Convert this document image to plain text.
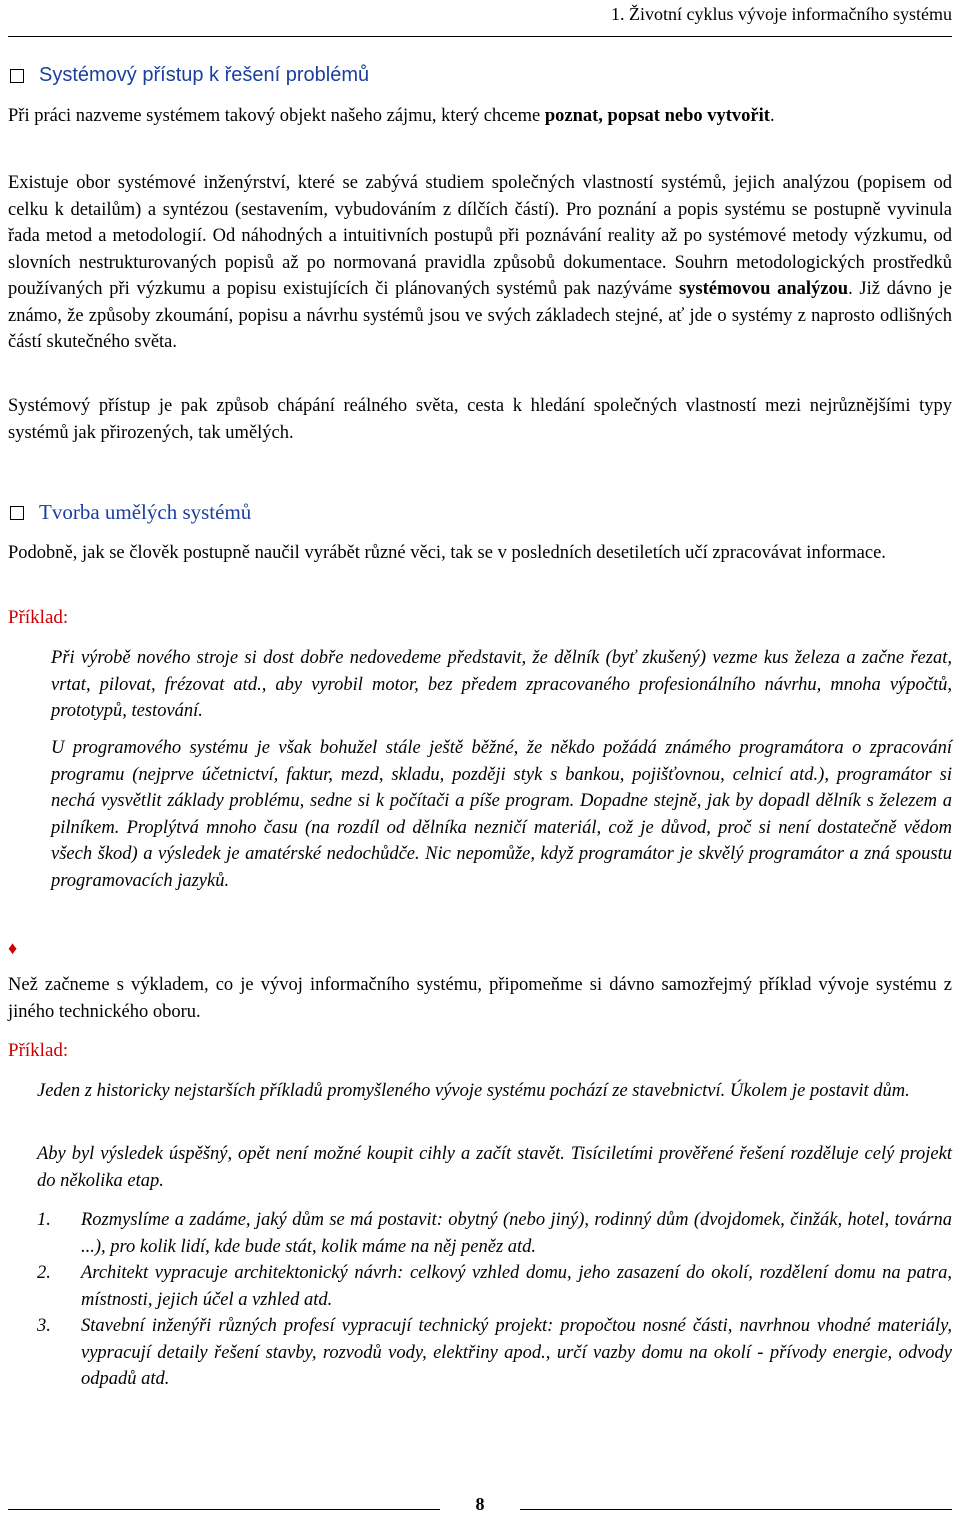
1. Životní cyklus vývoje informačního systému
Systémový přístup k řešení problémů

Při práci nazveme systémem takový objekt našeho zájmu, který chceme poznat, popsat nebo vytvořit.

Existuje obor systémové inženýrství, které se zabývá studiem společných vlastností systémů, jejich analýzou (popisem od celku k detailům) a syntézou (sestavením, vybudováním z dílčích částí). Pro poznání a popis systému se postupně vyvinula řada metod a metodologií. Od náhodných a intuitivních postupů při poznávání reality až po systémové metody výzkumu, od slovních nestrukturovaných popisů až po normovaná pravidla způsobů dokumentace. Souhrn metodologických prostředků používaných při výzkumu a popisu existujících či plánovaných systémů pak nazýváme systémovou analýzou. Již dávno je známo, že způsoby zkoumání, popisu a návrhu systémů jsou ve svých základech stejné, ať jde o systémy z naprosto odlišných částí skutečného světa.

Systémový přístup je pak způsob chápání reálného světa, cesta k hledání společných vlastností mezi nejrůznějšími typy systémů jak přirozených, tak umělých.

Tvorba umělých systémů

Podobně, jak se člověk postupně naučil vyrábět různé věci, tak se v posledních desetiletích učí zpracovávat informace.

Příklad:

Při výrobě nového stroje si dost dobře nedovedeme představit, že dělník (byť zkušený) vezme kus železa a začne řezat, vrtat, pilovat, frézovat atd., aby vyrobil motor, bez předem zpracovaného profesionálního návrhu, mnoha výpočtů, prototypů, testování.

U programového systému je však bohužel stále ještě běžné, že někdo požádá známého programátora o zpracování programu (nejprve účetnictví, faktur, mezd, skladu, později styk s bankou, pojišťovnou, celnicí atd.), programátor si nechá vysvětlit základy problému, sedne si k počítači a píše program. Dopadne stejně, jak by dopadl dělník s železem a pilníkem. Proplýtvá mnoho času (na rozdíl od dělníka nezničí materiál, což je důvod, proč si není dostatečně vědom všech škod) a výsledek je amatérské nedochůdče. Nic nepomůže, když programátor je skvělý programátor a zná spoustu programovacích jazyků.

♦

Než začneme s výkladem, co je vývoj informačního systému, připomeňme si dávno samozřejmý příklad vývoje systému z jiného technického oboru.

Příklad:

Jeden z historicky nejstarších příkladů promyšleného vývoje systému pochází ze stavebnictví. Úkolem je postavit dům.

Aby byl výsledek úspěšný, opět není možné koupit cihly a začít stavět. Tisíciletími prověřené řešení rozděluje celý projekt do několika etap.

1.	Rozmyslíme a zadáme, jaký dům se má postavit: obytný (nebo jiný), rodinný dům (dvojdomek, činžák, hotel, továrna ...), pro kolik lidí, kde bude stát, kolik máme na něj peněz atd.
2.	Architekt vypracuje architektonický návrh: celkový vzhled domu, jeho zasazení do okolí, rozdělení domu na patra, místnosti, jejich účel a vzhled atd.
3.	Stavební inženýři různých profesí vypracují technický projekt: propočtou nosné části, navrhnou vhodné materiály, vypracují detaily řešení stavby, rozvodů vody, elektřiny apod., určí vazby domu na okolí - přívody energie, odvody odpadů atd.
8
